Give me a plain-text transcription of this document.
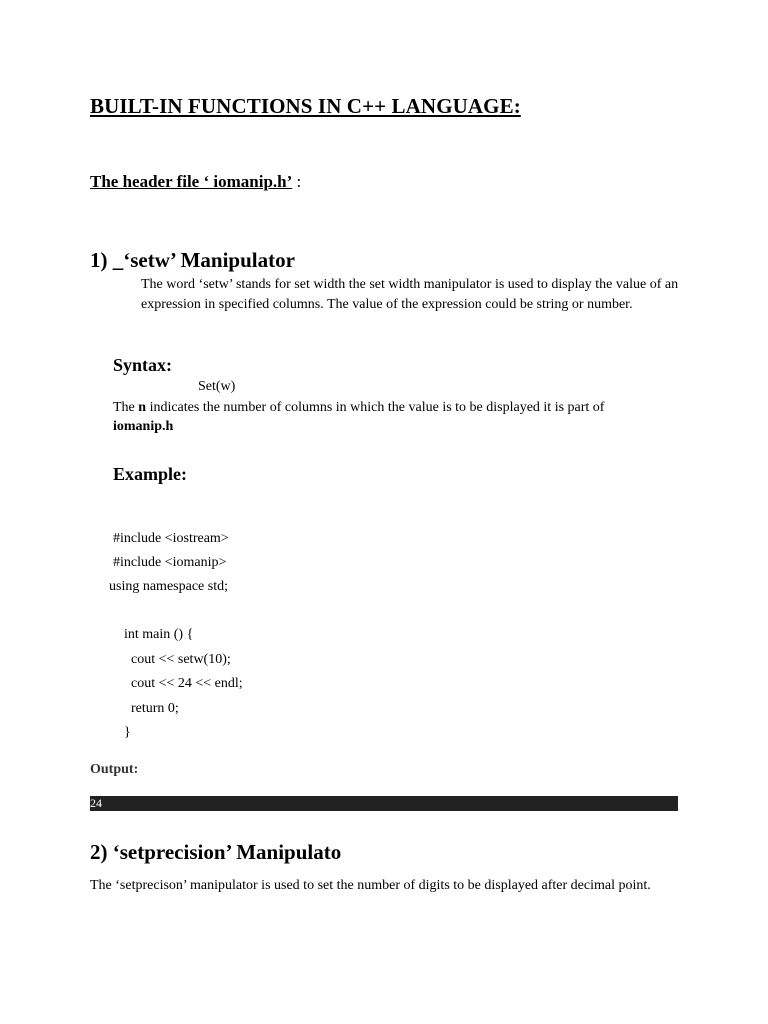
BUILT-IN FUNCTIONS IN C++ LANGUAGE:
The header file ‘ iomanip.h’ :
1) _‘setw’ Manipulator
The word ‘setw’ stands for set width the set width manipulator is used to display the value of an expression in specified columns. The value of the expression could be string or number.
Syntax:
Set(w)
The n indicates the number of columns in which the value is to be displayed it is part of
iomanip.h
Example:
#include <iostream>
#include <iomanip>
using namespace std;
int main () {
cout << setw(10);
cout << 24 << endl;
return 0;
}
Output:
24
2) ‘setprecision’ Manipulato
The ‘setprecison’ manipulator is used to set the number of digits to be displayed after decimal point.
